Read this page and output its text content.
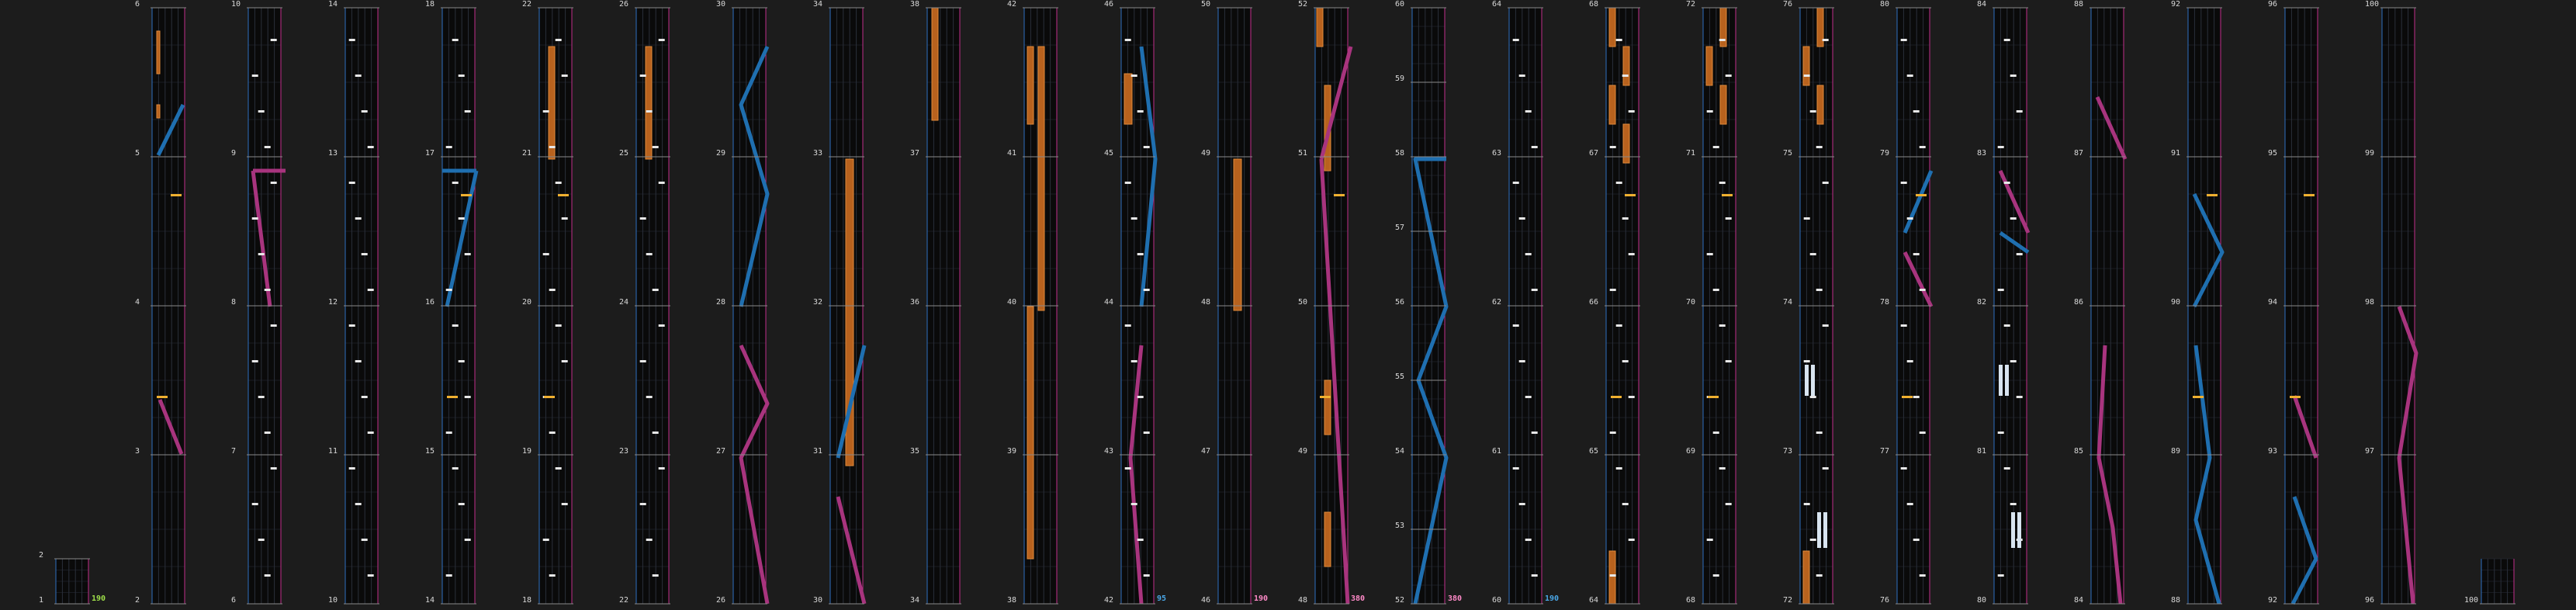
1
2
190	2
3
4
5
6
6
7
8
9
10
10
11
12
13
14
14
15
16
17
18
18
19
20
21
22
22
23
24
25
26
26
27
28
29
30
30
31
32
33
34
34
35
36
37
38
38
39
40
41
42
42
43
44
45
46
95	46
47
48
49
50
190	48
49
50
51
52
380	52
53
54
55
56
57
58
59
60
380	60
61
62
63
64
190	64
65
66
67
68
68
69
70
71
72
72
73
74
75
76
76
77
78
79
80
80
81
82
83
84
84
85
86
87
88
88
89
90
91
92
92
93
94
95
96
96
97
98
99
100
100
